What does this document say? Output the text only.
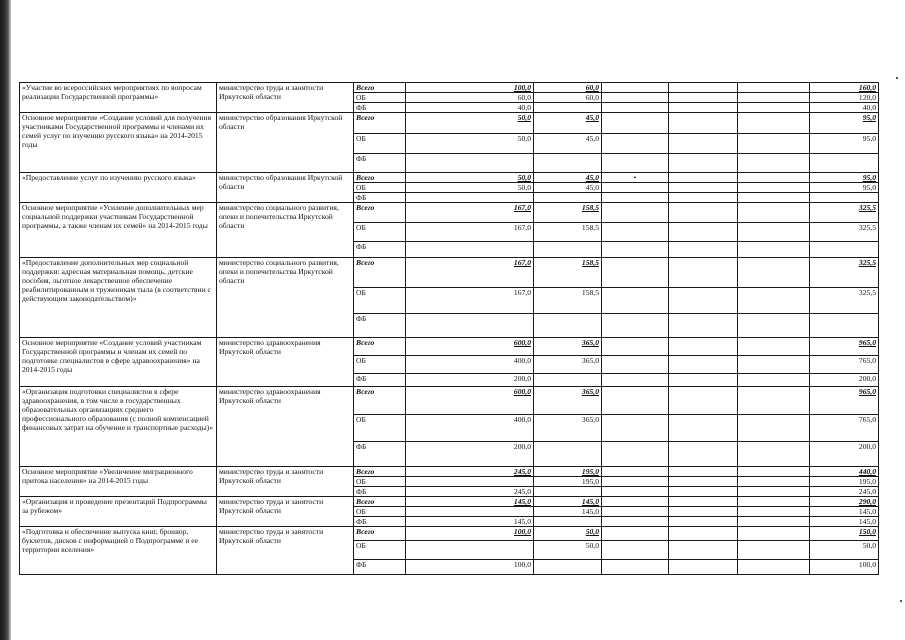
«Участие во всероссийских мероприятиях по вопросам реализации Государственной программы»	министерство труда и занятости Иркутской области	Всего	100,0	60,0				160,0
		ОБ	60,0	60,0				120,0
		ФБ	40,0					40,0
Основное мероприятие «Создание условий для получения участниками Государственной программы и членами их семей услуг по изучению русского языка» на 2014-2015 годы	министерство образования Иркутской области	Всего	50,0	45,0				95,0
		ОБ	50,0	45,0				95,0
		ФБ						
«Предоставление услуг по изучению русского языка»	министерство образования Иркутской области	Всего	50,0	45,0	•			95,0
		ОБ	50,0	45,0				95,0
		ФБ						
Основное мероприятие «Усиление дополнительных мер социальной поддержки участникам Государственной программы, а также членам их семей» на 2014-2015 годы	министерство социального развития, опеки и попечительства Иркутской области	Всего	167,0	158,5				325,5
		ОБ	167,0	158,5				325,5
		ФБ						
«Предоставление дополнительных мер социальной поддержки: адресная материальная помощь, детские пособия, льготное лекарственное обеспечение реабилитированным и труженикам тыла (в соответствии с действующим законодательством)»	министерство социального развития, опеки и попечительства Иркутской области	Всего	167,0	158,5				325,5
		ОБ	167,0	158,5				325,5
		ФБ						
Основное мероприятие «Создание условий участникам Государственной программы и членам их семей по подготовке специалистов в сфере здравоохранения» на 2014-2015 годы	министерство здравоохранения Иркутской области	Всего	600,0	365,0				965,0
		ОБ	400,0	365,0				765,0
		ФБ	200,0					200,0
«Организация подготовки специалистов в сфере здравоохранения, в том числе в государственных образовательных организациях среднего профессионального образования (с полной компенсацией финансовых затрат на обучение и транспортные расходы)»	министерство здравоохранения Иркутской области	Всего	600,0	365,0				965,0
		ОБ	400,0	365,0				765,0
		ФБ	200,0					200,0
Основное мероприятие «Увеличение миграционного притока населения» на 2014-2015 годы	министерство труда и занятости Иркутской области	Всего	245,0	195,0				440,0
		ОБ		195,0				195,0
		ФБ	245,0					245,0
«Организация и проведение презентаций Подпрограммы за рубежом»	министерство труда и занятости Иркутской области	Всего	145,0	145,0				290,0
		ОБ		145,0				145,0
		ФБ	145,0					145,0
«Подготовка и обеспечение выпуска книг, брошюр, буклетов, дисков с информацией о Подпрограмме и ее территории вселения»	министерство труда и занятости Иркутской области	Всего	100,0	50,0				150,0
		ОБ		50,0				50,0
		ФБ	100,0					100,0
